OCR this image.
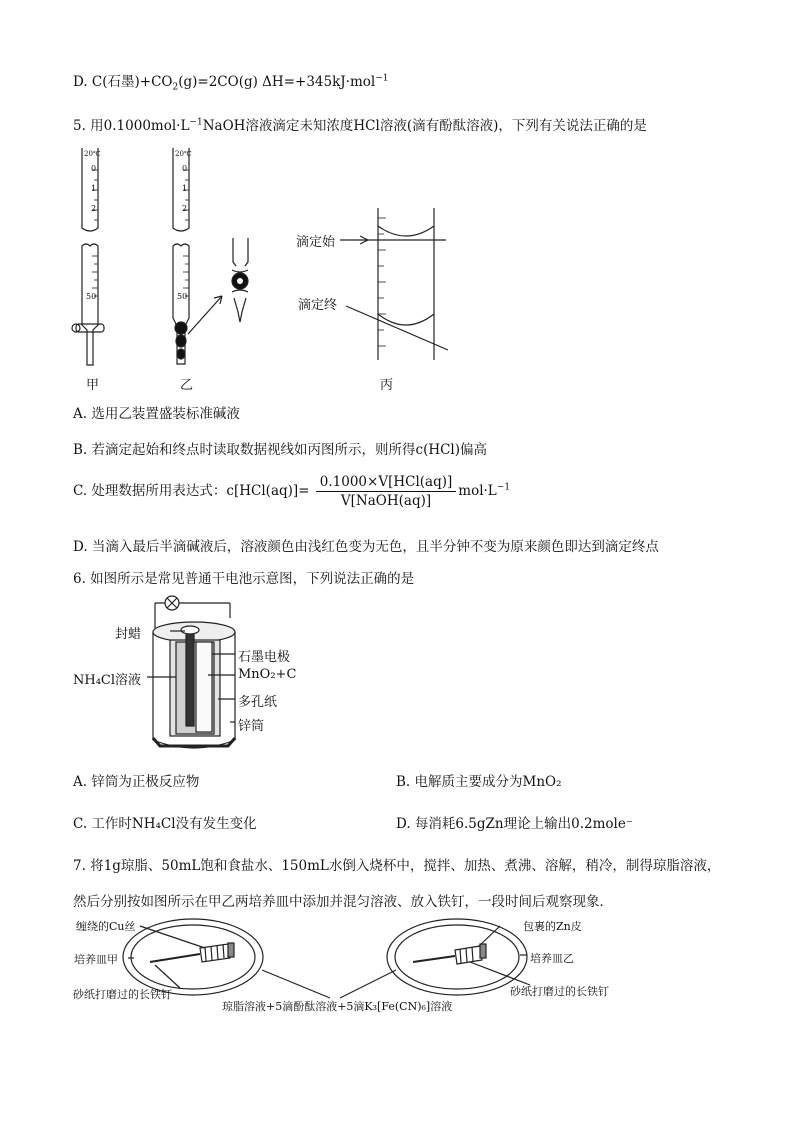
D. C(石墨)$+CO_2(g)=2CO(g)$ ΔH=+345kJ·mol$^{-1}$
5. 用$0.1000mol\cdot L^{-1}NaOH$溶液滴定未知浓度HCl溶液(滴有酚酞溶液)，下列有关说法正确的是
20℃
0
1
2
20℃
0
1
2
50	50
滴定始
滴定终
甲	乙	丙
A. 选用乙装置盛装标准碱液
B. 若滴定起始和终点时读取数据视线如丙图所示，则所得c(HCl)偏高
C. 处理数据所用表达式：$c[HCl(aq)]= \frac{\text{0.1000×V[HCl(aq)]}}{\text{V[NaOH(aq)]}} mol\cdot L^{-1}$
D. 当滴入最后半滴碱液后，溶液颜色由浅红色变为无色，且半分钟不变为原来颜色即达到滴定终点
6. 如图所示是常见普通干电池示意图，下列说法正确的是
封蜡
NH₄Cl溶液
石墨电极
MnO₂+C
多孔纸
锌筒
A. 锌筒为正极反应物	B. 电解质主要成分为MnO₂
C. 工作时NH₄Cl没有发生变化	D. 每消耗6.5gZn理论上输出0.2mole⁻
7. 将1g琼脂、50mL饱和食盐水、150mL水倒入烧杯中，搅拌、加热、煮沸、溶解，稍冷，制得琼脂溶液，
然后分别按如图所示在甲乙两培养皿中添加并混匀溶液、放入铁钉，一段时间后观察现象．
缠绕的Cu丝
培养皿甲
砂纸打磨过的长铁钉
包裹的Zn皮
培养皿乙
砂纸打磨过的长铁钉
琼脂溶液+5滴酚酞溶液+5滴K₃[Fe(CN)₆]溶液
